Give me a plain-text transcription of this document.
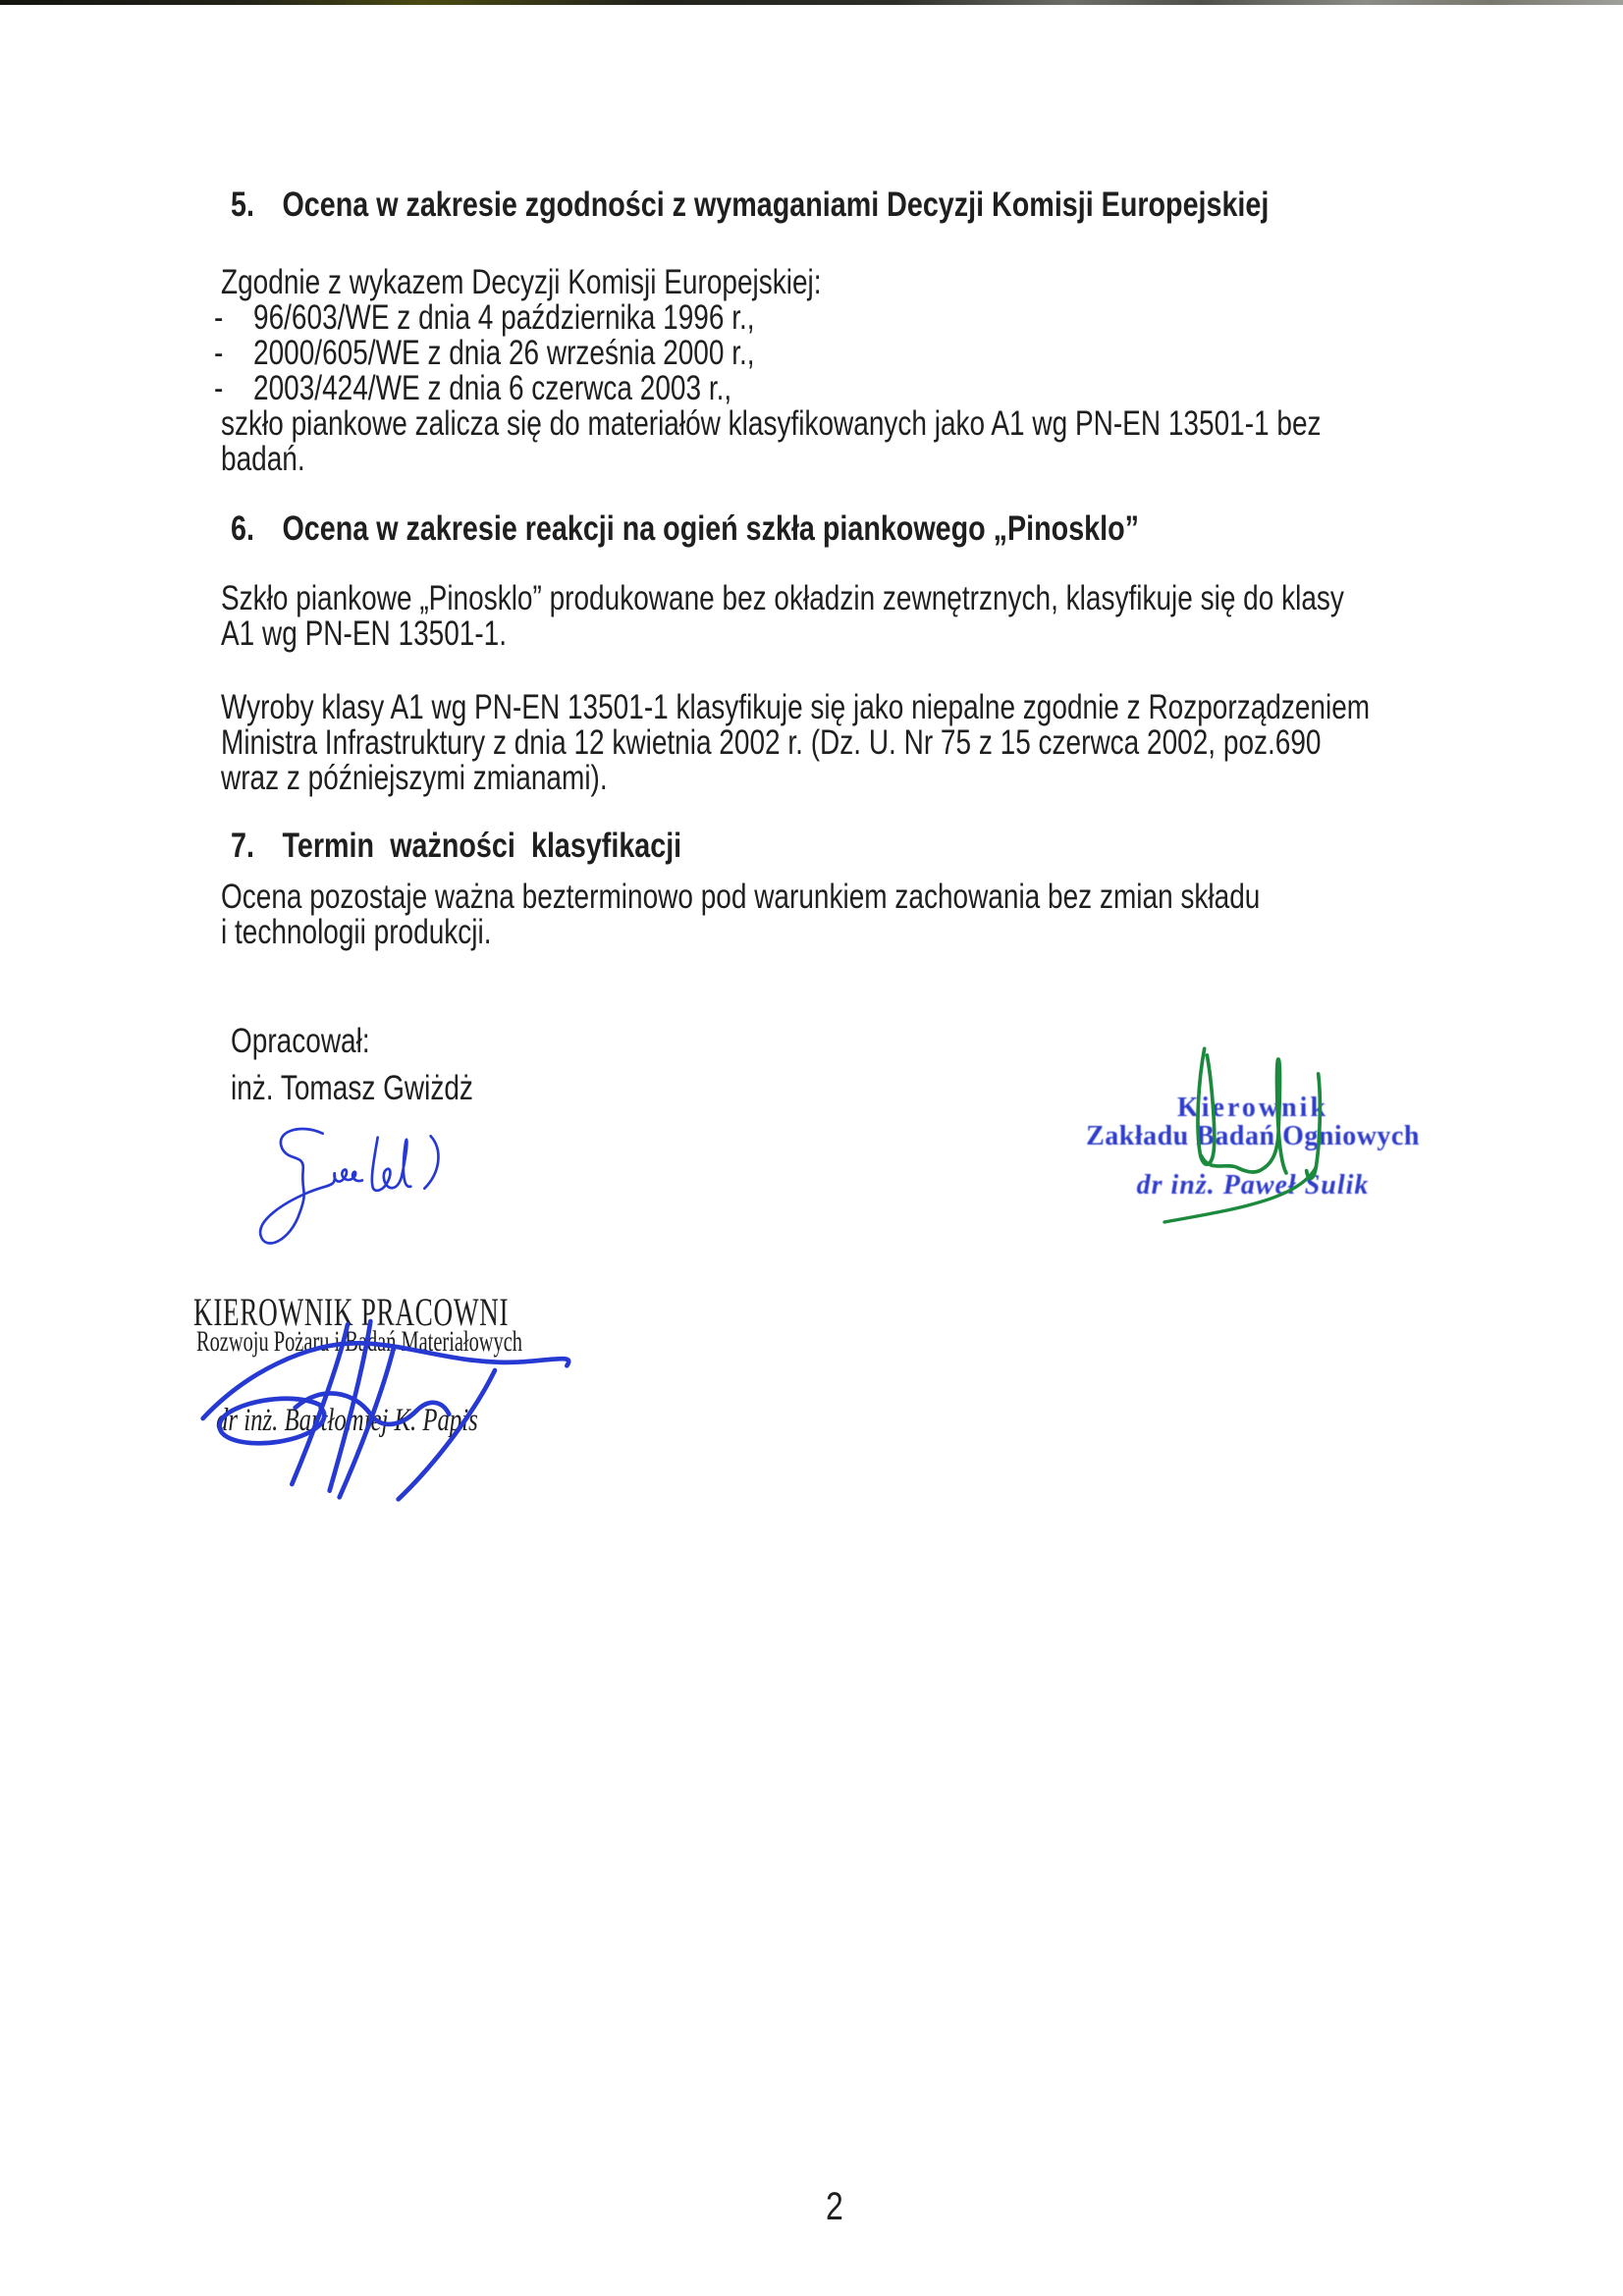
5. Ocena w zakresie zgodności z wymaganiami Decyzji Komisji Europejskiej
Zgodnie z wykazem Decyzji Komisji Europejskiej:
- 96/603/WE z dnia 4 października 1996 r.,
- 2000/605/WE z dnia 26 września 2000 r.,
- 2003/424/WE z dnia 6 czerwca 2003 r.,
szkło piankowe zalicza się do materiałów klasyfikowanych jako A1 wg PN-EN 13501-1 bez
badań.
6. Ocena w zakresie reakcji na ogień szkła piankowego „Pinosklo”
Szkło piankowe „Pinosklo” produkowane bez okładzin zewnętrznych, klasyfikuje się do klasy
A1 wg PN-EN 13501-1.
Wyroby klasy A1 wg PN-EN 13501-1 klasyfikuje się jako niepalne zgodnie z Rozporządzeniem
Ministra Infrastruktury z dnia 12 kwietnia 2002 r. (Dz. U. Nr 75 z 15 czerwca 2002, poz.690
wraz z późniejszymi zmianami).
7. Termin ważności klasyfikacji
Ocena pozostaje ważna bezterminowo pod warunkiem zachowania bez zmian składu
i technologii produkcji.
Opracował:
inż. Tomasz Gwiżdż
Kierownik
Zakładu Badań Ogniowych
dr inż. Paweł Sulik
KIEROWNIK PRACOWNI
Rozwoju Pożaru i Badań Materiałowych
dr inż. Bartłomiej K. Papis
2
